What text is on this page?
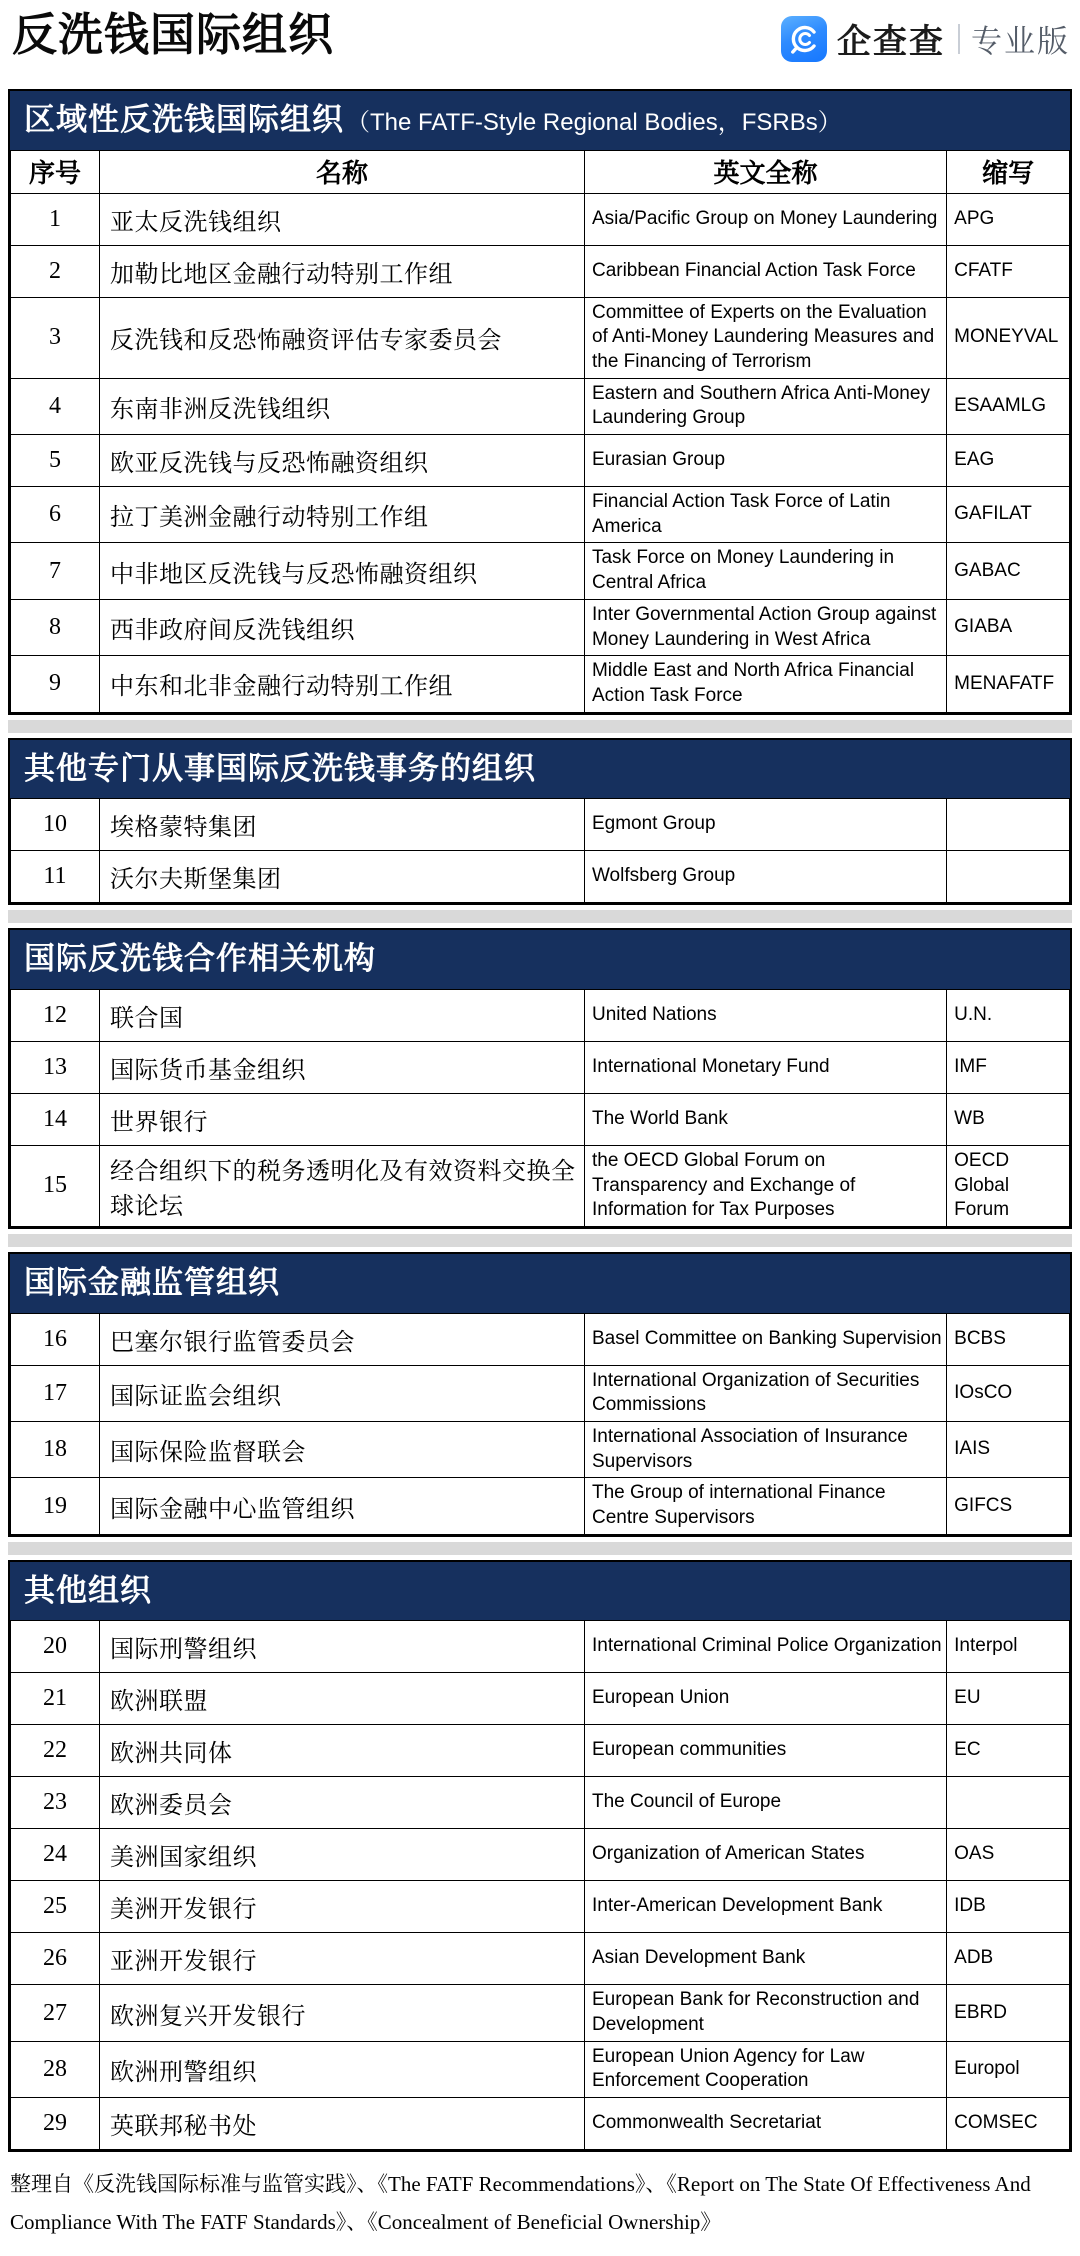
反洗钱国际组织	企查查 专业版
区域性反洗钱国际组织（The FATF-Style Regional Bodies，FSRBs）
序号	名称	英文全称	缩写
1	亚太反洗钱组织	Asia/Pacific Group on Money Laundering	APG
2	加勒比地区金融行动特别工作组	Caribbean Financial Action Task Force	CFATF
3	反洗钱和反恐怖融资评估专家委员会	Committee of Experts on the Evaluation of Anti-Money Laundering Measures and the Financing of Terrorism	MONEYVAL
4	东南非洲反洗钱组织	Eastern and Southern Africa Anti-Money Laundering Group	ESAAMLG
5	欧亚反洗钱与反恐怖融资组织	Eurasian Group	EAG
6	拉丁美洲金融行动特别工作组	Financial Action Task Force of Latin America	GAFILAT
7	中非地区反洗钱与反恐怖融资组织	Task Force on Money Laundering in Central Africa	GABAC
8	西非政府间反洗钱组织	Inter Governmental Action Group against Money Laundering in West Africa	GIABA
9	中东和北非金融行动特别工作组	Middle East and North Africa Financial Action Task Force	MENAFATF
其他专门从事国际反洗钱事务的组织
10	埃格蒙特集团	Egmont Group	
11	沃尔夫斯堡集团	Wolfsberg Group	
国际反洗钱合作相关机构
12	联合国	United Nations	U.N.
13	国际货币基金组织	International Monetary Fund	IMF
14	世界银行	The World Bank	WB
15	经合组织下的税务透明化及有效资料交换全球论坛	the OECD Global Forum on Transparency and Exchange of Information for Tax Purposes	OECD Global Forum
国际金融监管组织
16	巴塞尔银行监管委员会	Basel Committee on Banking Supervision	BCBS
17	国际证监会组织	International Organization of Securities Commissions	IOsCO
18	国际保险监督联会	International Association of Insurance Supervisors	IAIS
19	国际金融中心监管组织	The Group of international Finance Centre Supervisors	GIFCS
其他组织
20	国际刑警组织	International Criminal Police Organization	Interpol
21	欧洲联盟	European Union	EU
22	欧洲共同体	European communities	EC
23	欧洲委员会	The Council of Europe	
24	美洲国家组织	Organization of American States	OAS
25	美洲开发银行	Inter-American Development Bank	IDB
26	亚洲开发银行	Asian Development Bank	ADB
27	欧洲复兴开发银行	European Bank for Reconstruction and Development	EBRD
28	欧洲刑警组织	European Union Agency for Law Enforcement Cooperation	Europol
29	英联邦秘书处	Commonwealth Secretariat	COMSEC
整理自《反洗钱国际标准与监管实践》、《The FATF Recommendations》、《Report on The State Of Effectiveness And Compliance With The FATF Standards》、《Concealment of Beneficial Ownership》
